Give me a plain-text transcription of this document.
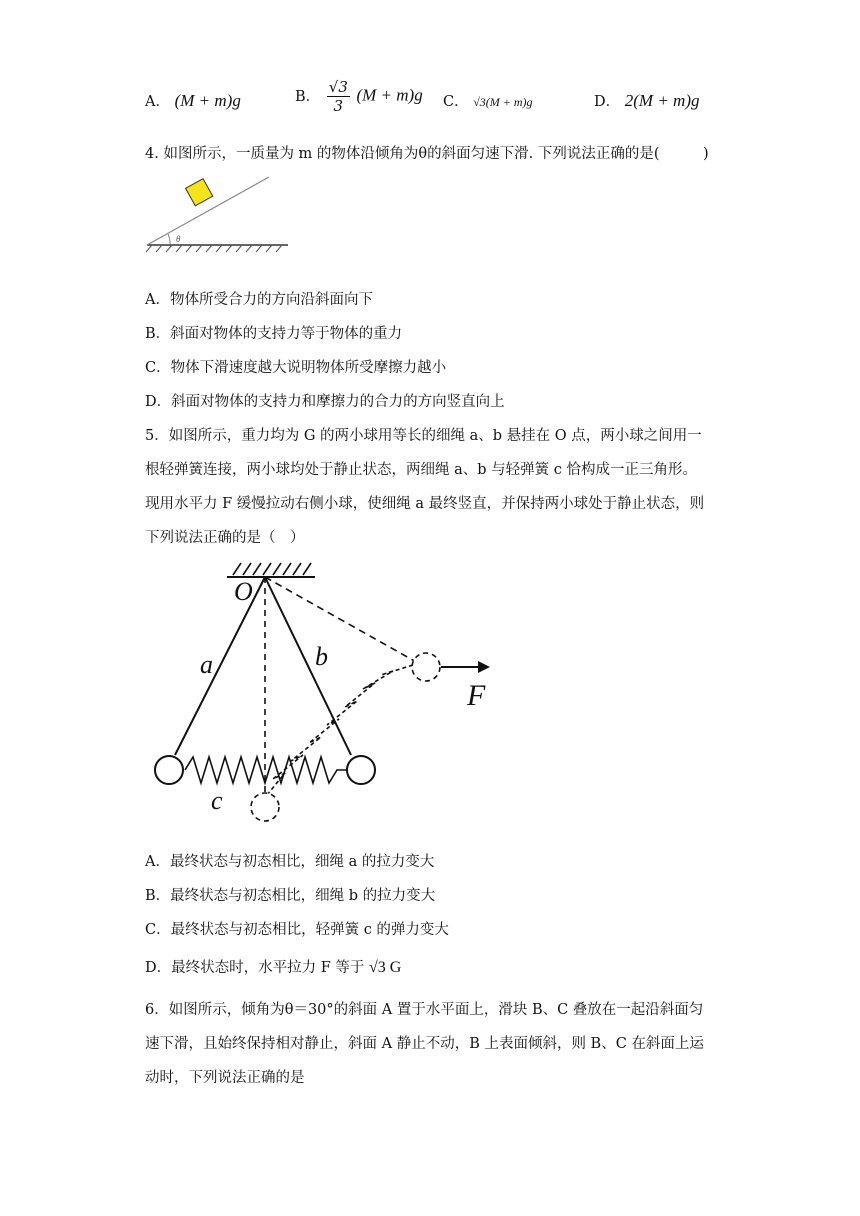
A． (M + m)g	B． $\frac{√3}{3} (M + m)g$ C． √3(M + m)g	D． 2(M + m)g
4. 如图所示，一质量为 m 的物体沿倾角为θ的斜面匀速下滑. 下列说法正确的是(　　　)
θ
A．物体所受合力的方向沿斜面向下
B．斜面对物体的支持力等于物体的重力
C．物体下滑速度越大说明物体所受摩擦力越小
D．斜面对物体的支持力和摩擦力的合力的方向竖直向上
5．如图所示，重力均为 G 的两小球用等长的细绳 a、b 悬挂在 O 点，两小球之间用一
根轻弹簧连接，两小球均处于静止状态，两细绳 a、b 与轻弹簧 c 恰构成一正三角形。
现用水平力 F 缓慢拉动右侧小球，使细绳 a 最终竖直，并保持两小球处于静止状态，则
下列说法正确的是（　）
O
a	b
c
F
A．最终状态与初态相比，细绳 a 的拉力变大
B．最终状态与初态相比，细绳 b 的拉力变大
C．最终状态与初态相比，轻弹簧 c 的弹力变大
D．最终状态时，水平拉力 F 等于 √3 G
6．如图所示，倾角为θ＝30°的斜面 A 置于水平面上，滑块 B、C 叠放在一起沿斜面匀
速下滑，且始终保持相对静止，斜面 A 静止不动，B 上表面倾斜，则 B、C 在斜面上运
动时，下列说法正确的是
